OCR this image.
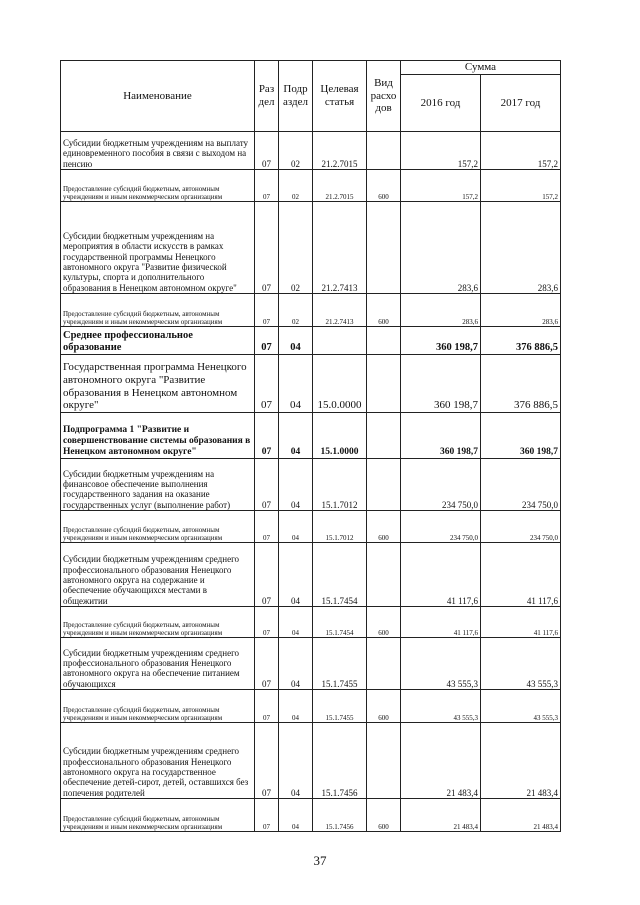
Наименование	Раз дел	Подр аздел	Целевая статья	Вид расхо дов	Сумма	
					2016 год	2017 год
Субсидии бюджетным учреждениям на выплату единовременного пособия в связи с выходом на пенсию	07	02	21.2.7015		157,2	157,2
Предоставление субсидий бюджетным, автономным учреждениям и иным некоммерческим организациям	07	02	21.2.7015	600	157,2	157,2
Субсидии бюджетным учреждениям на мероприятия в области искусств в рамках государственной программы Ненецкого автономного округа "Развитие физической культуры, спорта и дополнительного образования в Ненецком автономном округе"	07	02	21.2.7413		283,6	283,6
Предоставление субсидий бюджетным, автономным учреждениям и иным некоммерческим организациям	07	02	21.2.7413	600	283,6	283,6
Среднее профессиональное образование	07	04			360 198,7	376 886,5
Государственная программа Ненецкого автономного округа "Развитие образования в Ненецком автономном округе"	07	04	15.0.0000		360 198,7	376 886,5
Подпрограмма 1 "Развитие и совершенствование системы образования в Ненецком автономном округе"	07	04	15.1.0000		360 198,7	360 198,7
Субсидии бюджетным учреждениям на финансовое обеспечение выполнения государственного задания на оказание государственных услуг (выполнение работ)	07	04	15.1.7012		234 750,0	234 750,0
Предоставление субсидий бюджетным, автономным учреждениям и иным некоммерческим организациям	07	04	15.1.7012	600	234 750,0	234 750,0
Субсидии бюджетным учреждениям среднего профессионального образования Ненецкого автономного округа на содержание и обеспечение обучающихся местами в общежитии	07	04	15.1.7454		41 117,6	41 117,6
Предоставление субсидий бюджетным, автономным учреждениям и иным некоммерческим организациям	07	04	15.1.7454	600	41 117,6	41 117,6
Субсидии бюджетным учреждениям среднего профессионального образования Ненецкого автономного округа на обеспечение питанием обучающихся	07	04	15.1.7455		43 555,3	43 555,3
Предоставление субсидий бюджетным, автономным учреждениям и иным некоммерческим организациям	07	04	15.1.7455	600	43 555,3	43 555,3
Субсидии бюджетным учреждениям среднего профессионального образования Ненецкого автономного округа на государственное обеспечение детей-сирот, детей, оставшихся без попечения родителей	07	04	15.1.7456		21 483,4	21 483,4
Предоставление субсидий бюджетным, автономным учреждениям и иным некоммерческим организациям	07	04	15.1.7456	600	21 483,4	21 483,4
37
